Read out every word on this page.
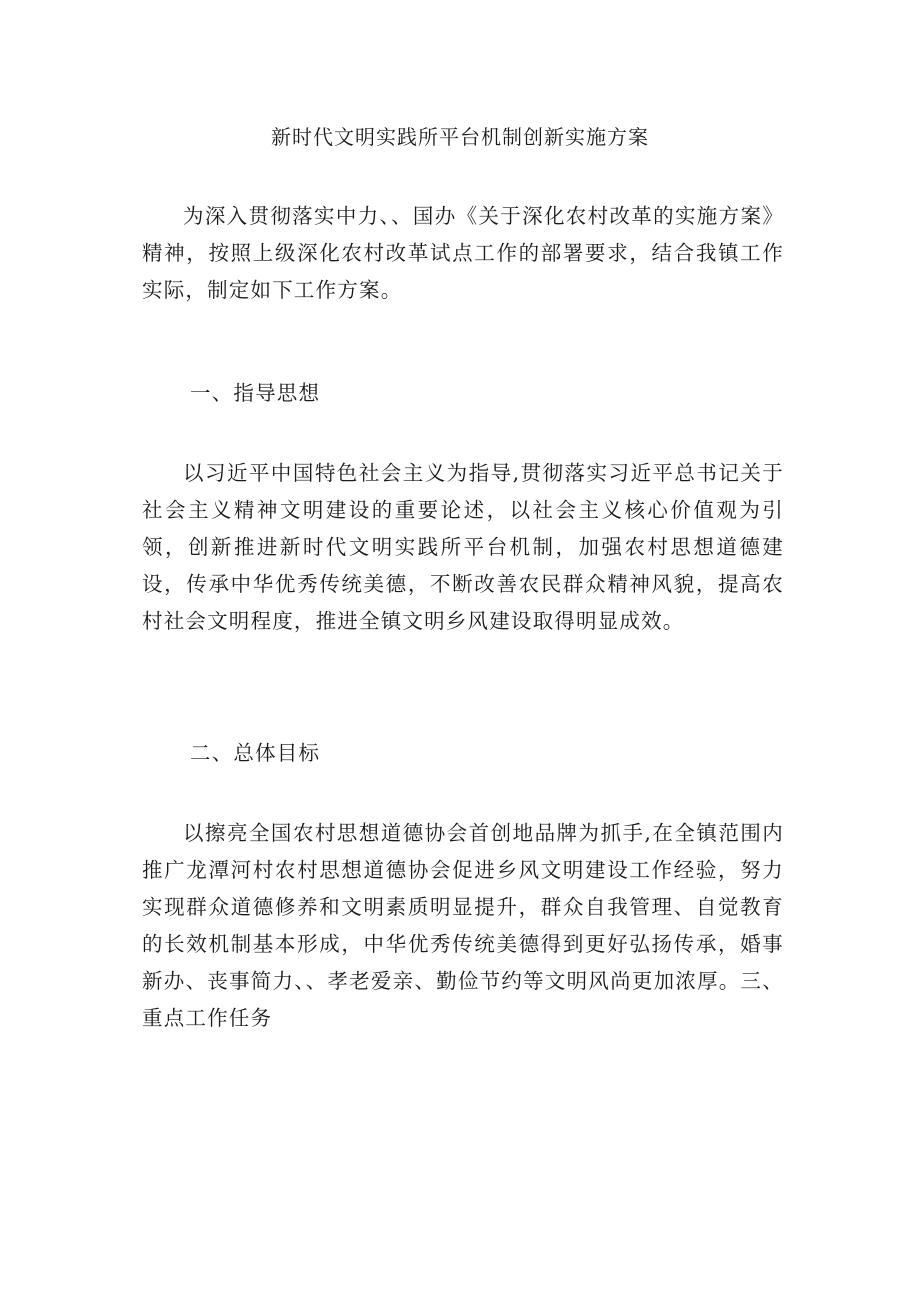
新时代文明实践所平台机制创新实施方案
为深入贯彻落实中力、、国办《关于深化农村改革的实施方案》精神，按照上级深化农村改革试点工作的部署要求，结合我镇工作实际，制定如下工作方案。
一、指导思想
以习近平中国特色社会主义为指导,贯彻落实习近平总书记关于社会主义精神文明建设的重要论述，以社会主义核心价值观为引领，创新推进新时代文明实践所平台机制，加强农村思想道德建设，传承中华优秀传统美德，不断改善农民群众精神风貌，提高农村社会文明程度，推进全镇文明乡风建设取得明显成效。
二、总体目标
以擦亮全国农村思想道德协会首创地品牌为抓手,在全镇范围内推广龙潭河村农村思想道德协会促进乡风文明建设工作经验，努力实现群众道德修养和文明素质明显提升，群众自我管理、自觉教育的长效机制基本形成，中华优秀传统美德得到更好弘扬传承，婚事新办、丧事简力、、孝老爱亲、勤俭节约等文明风尚更加浓厚。三、重点工作任务
